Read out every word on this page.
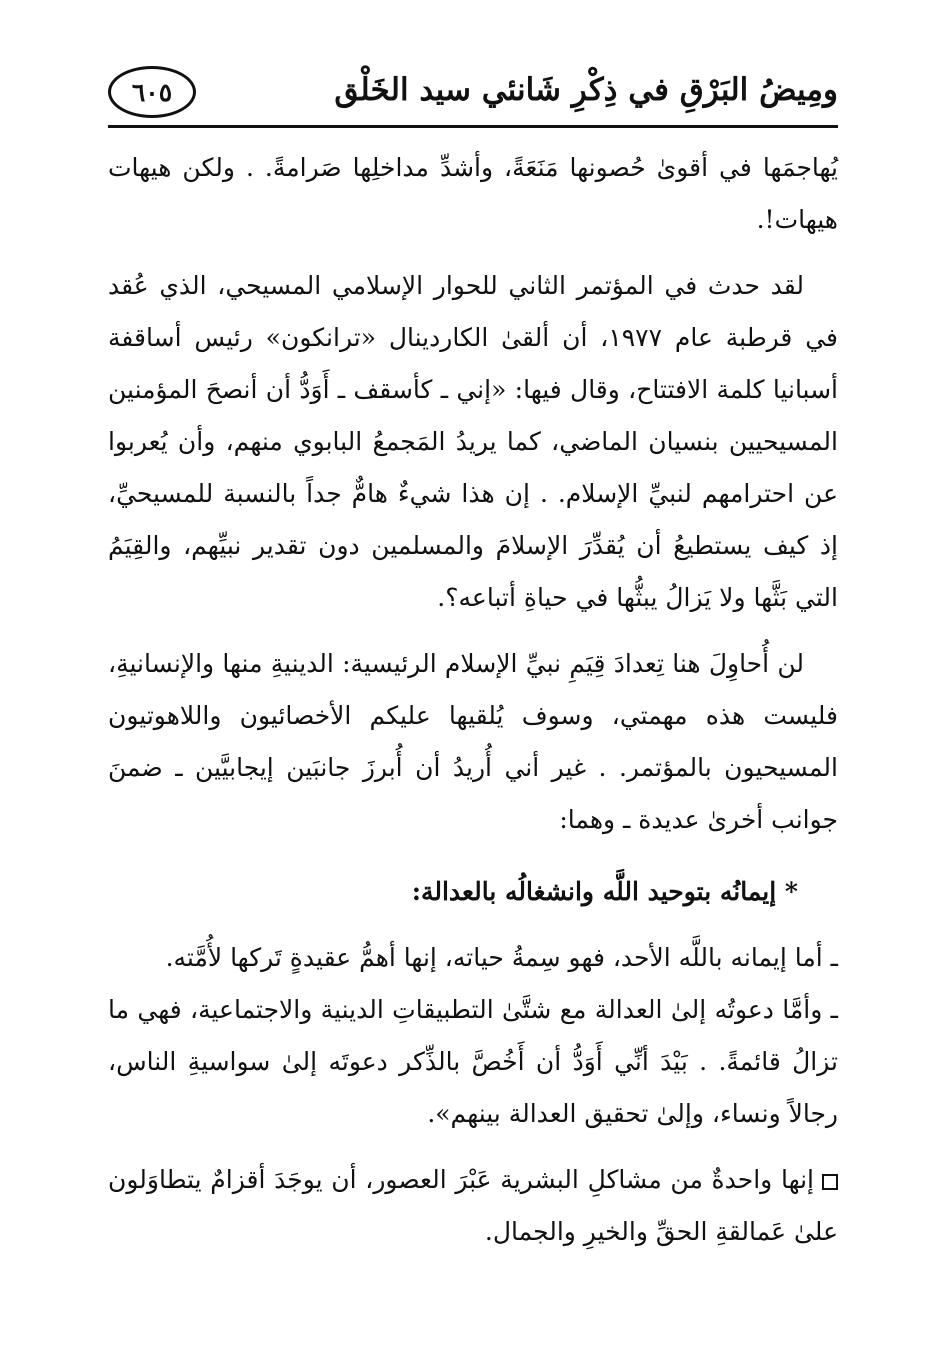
ومِيضُ البَرْقِ في ذِكْرِ شَانئي سيد الخَلْق
٦٠٥

يُهاجمَها في أقوىٰ حُصونها مَنَعَةً، وأشدِّ مداخلِها صَرامةً. . ولكن هيهات هيهات!.

لقد حدث في المؤتمر الثاني للحوار الإسلامي المسيحي، الذي عُقد في قرطبة عام ١٩٧٧، أن ألقىٰ الكاردينال «ترانكون» رئيس أساقفة أسبانيا كلمة الافتتاح، وقال فيها: «إني ـ كأسقف ـ أَوَدُّ أن أنصحَ المؤمنين المسيحيين بنسيان الماضي، كما يريدُ المَجمعُ البابوي منهم، وأن يُعربوا عن احترامهم لنبيِّ الإسلام. . إن هذا شيءٌ هامٌّ جداً بالنسبة للمسيحيِّ، إذ كيف يستطيعُ أن يُقدِّرَ الإسلامَ والمسلمين دون تقدير نبيِّهم، والقِيَمُ التي بَثَّها ولا يَزالُ يبثُّها في حياةِ أتباعه؟.

لن أُحاوِلَ هنا تِعدادَ قِيَمِ نبيِّ الإسلام الرئيسية: الدينيةِ منها والإنسانيةِ، فليست هذه مهمتي، وسوف يُلقيها عليكم الأخصائيون واللاهوتيون المسيحيون بالمؤتمر. . غير أني أُريدُ أن أُبرزَ جانبَين إيجابيَّين ـ ضمنَ جوانب أخرىٰ عديدة ـ وهما:

* إيمانُه بتوحيد اللَّه وانشغالُه بالعدالة:

ـ أما إيمانه باللَّه الأحد، فهو سِمةُ حياته، إنها أهمُّ عقيدةٍ تَركها لأُمَّته.

ـ وأمَّا دعوتُه إلىٰ العدالة مع شتَّىٰ التطبيقاتِ الدينية والاجتماعية، فهي ما تزالُ قائمةً. . بَيْدَ أنِّي أَوَدُّ أن أَخُصَّ بالذِّكر دعوتَه إلىٰ سواسيةِ الناس، رجالاً ونساء، وإلىٰ تحقيق العدالة بينهم».

إنها واحدةٌ من مشاكلِ البشرية عَبْرَ العصور، أن يوجَدَ أقزامٌ يتطاوَلون علىٰ عَمالقةِ الحقِّ والخيرِ والجمال.
